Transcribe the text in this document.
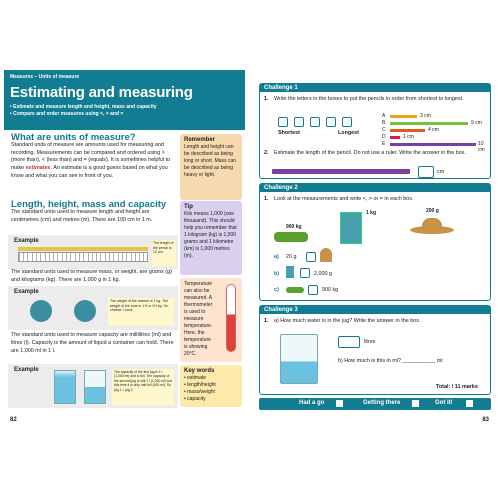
Measures – Units of measure
Estimating and measuring
• Estimate and measure length and height, mass and capacity
• Compare and order measures using <, > and =
What are units of measure?
Standard units of measure are amounts used for measuring and recording. Measurements can be compared and ordered using > (more than), < (less than) and = (equals). It is sometimes helpful to make estimates. An estimate is a good guess based on what you know and what you can see in front of you.
Length, height, mass and capacity
The standard units used to measure length and height are centimetres (cm) and metres (m). There are 100 cm in 1 m.
Example	The length of the pencil is 12 cm.
The standard units used to measure mass, or weight, are grams (g) and kilograms (kg). There are 1,000 g in 1 kg.
Example
The weight of the cheese is 1 kg. The weight of the tuna is 1.5 or 1½ kg. So, cheese < tuna.
The standard units used to measure capacity are millilitres (ml) and litres (l). Capacity is the amount of liquid a container can hold. There are 1,000 ml in 1 l.
Example	The capacity of the first jug is 1 l (1,000 ml) and is full. The capacity of the second jug is still 1 l (1,000 ml) but this time it is only half full (500 ml). So jug 1 > jug 2.
Remember
Length and height can be described as being long or short. Mass can be described as being heavy or light.
Tip
Kilo means 1,000 (one thousand). This should help you remember that 1 kilogram (kg) is 1,000 grams and 1 kilometre (km) is 1,000 metres (m).
Temperature can also be measured. A thermometer is used to measure temperature. Here, the temperature is showing 20°C.
Key words
• estimate
• length/height
• mass/weight
• capacity
82
Challenge 1
1.	Write the letters in the boxes to put the pencils in order from shortest to longest.
Shortest	Longest
A	3 cm
B	9 cm
C	4 cm
D	1 cm
E	10 cm
2. Estimate the length of the pencil. Do not use a ruler. Write the answer in the box.
cm
Challenge 2
1. Look at the measurements and write <, > or = in each box.
900 kg
1 kg	200 g
a) 20 g
b)	2,000 g
c)	900 kg
Challenge 3
1. a) How much water is in the jug? Write the answer in the box.
litres
b) How much is this in ml? ___________ ml
Total: / 11 marks
Had a go	Getting there	Got it!
83
